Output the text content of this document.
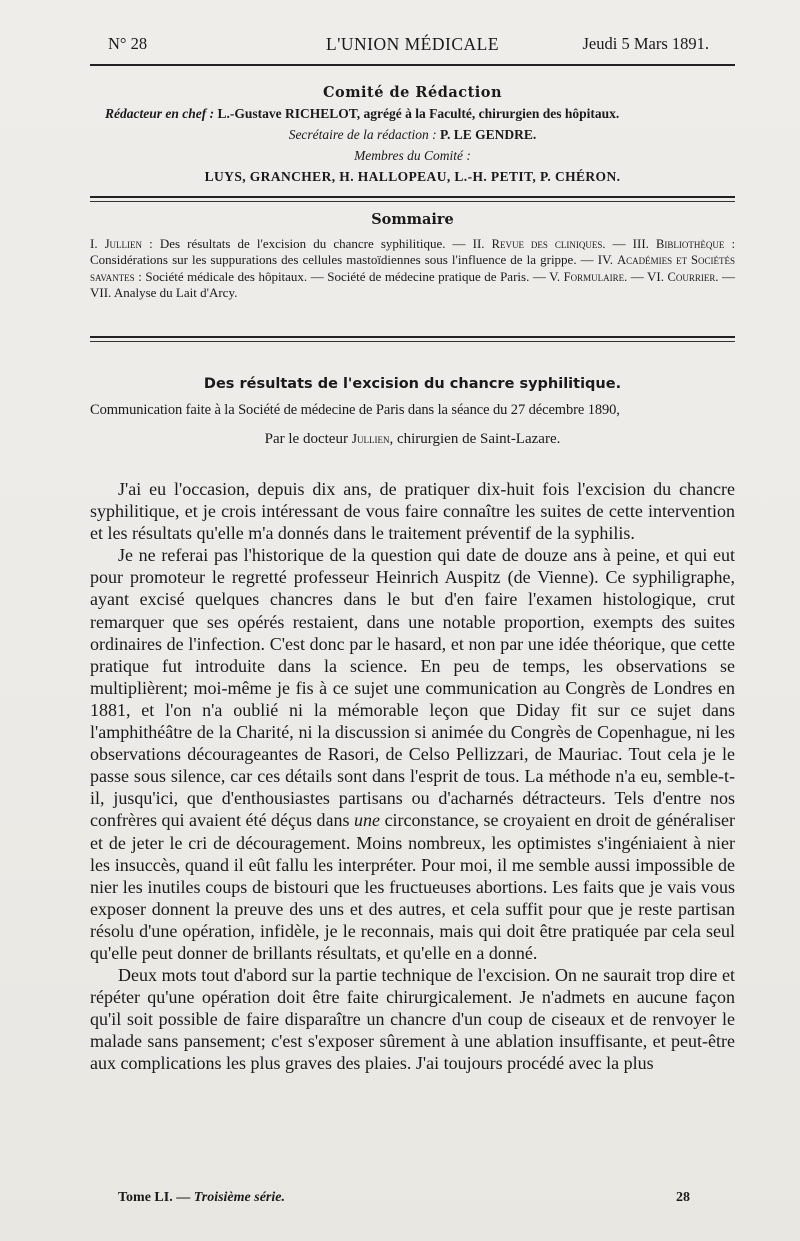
N° 28	L'UNION MÉDICALE	Jeudi 5 Mars 1891.
Comité de Rédaction
Rédacteur en chef : L.-Gustave RICHELOT, agrégé à la Faculté, chirurgien des hôpitaux.
Secrétaire de la rédaction : P. LE GENDRE.
Membres du Comité :
LUYS, GRANCHER, H. HALLOPEAU, L.-H. PETIT, P. CHÉRON.
Sommaire
I. Jullien : Des résultats de l'excision du chancre syphilitique. — II. Revue des cliniques. — III. Bibliothèque : Considérations sur les suppurations des cellules mastoïdiennes sous l'influence de la grippe. — IV. Académies et Sociétés savantes : Société médicale des hôpitaux. — Société de médecine pratique de Paris. — V. Formulaire. — VI. Courrier. — VII. Analyse du Lait d'Arcy.
Des résultats de l'excision du chancre syphilitique.
Communication faite à la Société de médecine de Paris dans la séance du 27 décembre 1890,
Par le docteur Jullien, chirurgien de Saint-Lazare.

J'ai eu l'occasion, depuis dix ans, de pratiquer dix-huit fois l'excision du chancre syphilitique, et je crois intéressant de vous faire connaître les suites de cette intervention et les résultats qu'elle m'a donnés dans le traitement préventif de la syphilis.

Je ne referai pas l'historique de la question qui date de douze ans à peine, et qui eut pour promoteur le regretté professeur Heinrich Auspitz (de Vienne). Ce syphiligraphe, ayant excisé quelques chancres dans le but d'en faire l'examen histologique, crut remarquer que ses opérés restaient, dans une notable proportion, exempts des suites ordinaires de l'infection. C'est donc par le hasard, et non par une idée théorique, que cette pratique fut introduite dans la science. En peu de temps, les observations se multiplièrent; moi-même je fis à ce sujet une communication au Congrès de Londres en 1881, et l'on n'a oublié ni la mémorable leçon que Diday fit sur ce sujet dans l'amphithéâtre de la Charité, ni la discussion si animée du Congrès de Copenhague, ni les observations décourageantes de Rasori, de Celso Pellizzari, de Mauriac. Tout cela je le passe sous silence, car ces détails sont dans l'esprit de tous. La méthode n'a eu, semble-t-il, jusqu'ici, que d'enthousiastes partisans ou d'acharnés détracteurs. Tels d'entre nos confrères qui avaient été déçus dans une circonstance, se croyaient en droit de généraliser et de jeter le cri de découragement. Moins nombreux, les optimistes s'ingéniaient à nier les insuccès, quand il eût fallu les interpréter. Pour moi, il me semble aussi impossible de nier les inutiles coups de bistouri que les fructueuses abortions. Les faits que je vais vous exposer donnent la preuve des uns et des autres, et cela suffit pour que je reste partisan résolu d'une opération, infidèle, je le reconnais, mais qui doit être pratiquée par cela seul qu'elle peut donner de brillants résultats, et qu'elle en a donné.

Deux mots tout d'abord sur la partie technique de l'excision. On ne saurait trop dire et répéter qu'une opération doit être faite chirurgicalement. Je n'admets en aucune façon qu'il soit possible de faire disparaître un chancre d'un coup de ciseaux et de renvoyer le malade sans pansement; c'est s'exposer sûrement à une ablation insuffisante, et peut-être aux complications les plus graves des plaies. J'ai toujours procédé avec la plus

Tome LI. — Troisième série.	28
